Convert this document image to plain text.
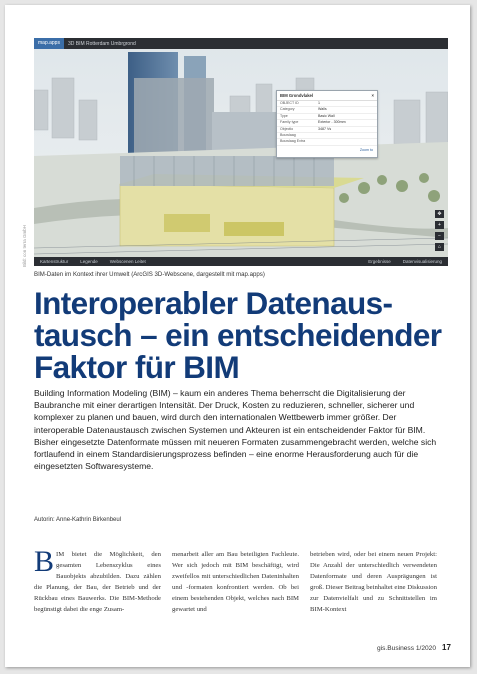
map.apps	3D BIM Rotterdam Umbrgrond
BIM Grondvlakel	×
OBJECT ID	1
Category	Walls
Type	Basic Wall
Family type	Exterior - 300mm
Objectlo	3487 Vs
Bouwlaag
Bouwlaag Extra
Zoom to
✥
+
−
⌂
Kartenstruktur	Legende	Webscenen Leitet	Ergebnisse	Datenvisualisierung
Bild: con terra GmbH
BIM-Daten im Kontext ihrer Umwelt (ArcGIS 3D-Webscene, dargestellt mit map.apps)
Interoperabler Datenaus-
tausch – ein entscheidender
Faktor für BIM
Building Information Modeling (BIM) – kaum ein anderes Thema beherrscht die Digitalisierung der Baubranche mit einer derartigen Intensität. Der Druck, Kosten zu reduzieren, schneller, sicherer und komplexer zu planen und bauen, wird durch den internationalen Wettbewerb immer größer. Der interoperable Datenaustausch zwischen Systemen und Akteuren ist ein entscheidender Faktor für BIM. Bisher eingesetzte Datenformate müssen mit neueren Formaten zusammengebracht werden, welche sich fortlaufend in einem Standardisierungsprozess befinden – eine enorme Herausforderung auch für die eingesetzten Softwaresysteme.
Autorin: Anne-Kathrin Birkenbeul
BIM bietet die Möglichkeit, den gesamten Lebenszyklus eines Bauobjekts abzubilden. Dazu zählen die Planung, der Bau, der Betrieb und der Rückbau eines Bauwerks. Die BIM-Methode begünstigt dabei die enge Zusam-
menarbeit aller am Bau beteiligten Fachleute. Wer sich jedoch mit BIM beschäftigt, wird zweifellos mit unterschiedlichen Dateninhalten und -formaten konfrontiert werden. Ob bei einem bestehenden Objekt, welches nach BIM gewartet und
betrieben wird, oder bei einem neuen Projekt: Die Anzahl der unterschiedlich verwendeten Datenformate und deren Ausprägungen ist groß. Dieser Beitrag beinhaltet eine Diskussion zur Datenvielfalt und zu Schnittstellen im BIM-Kontext
gis.Business 1/2020 17
